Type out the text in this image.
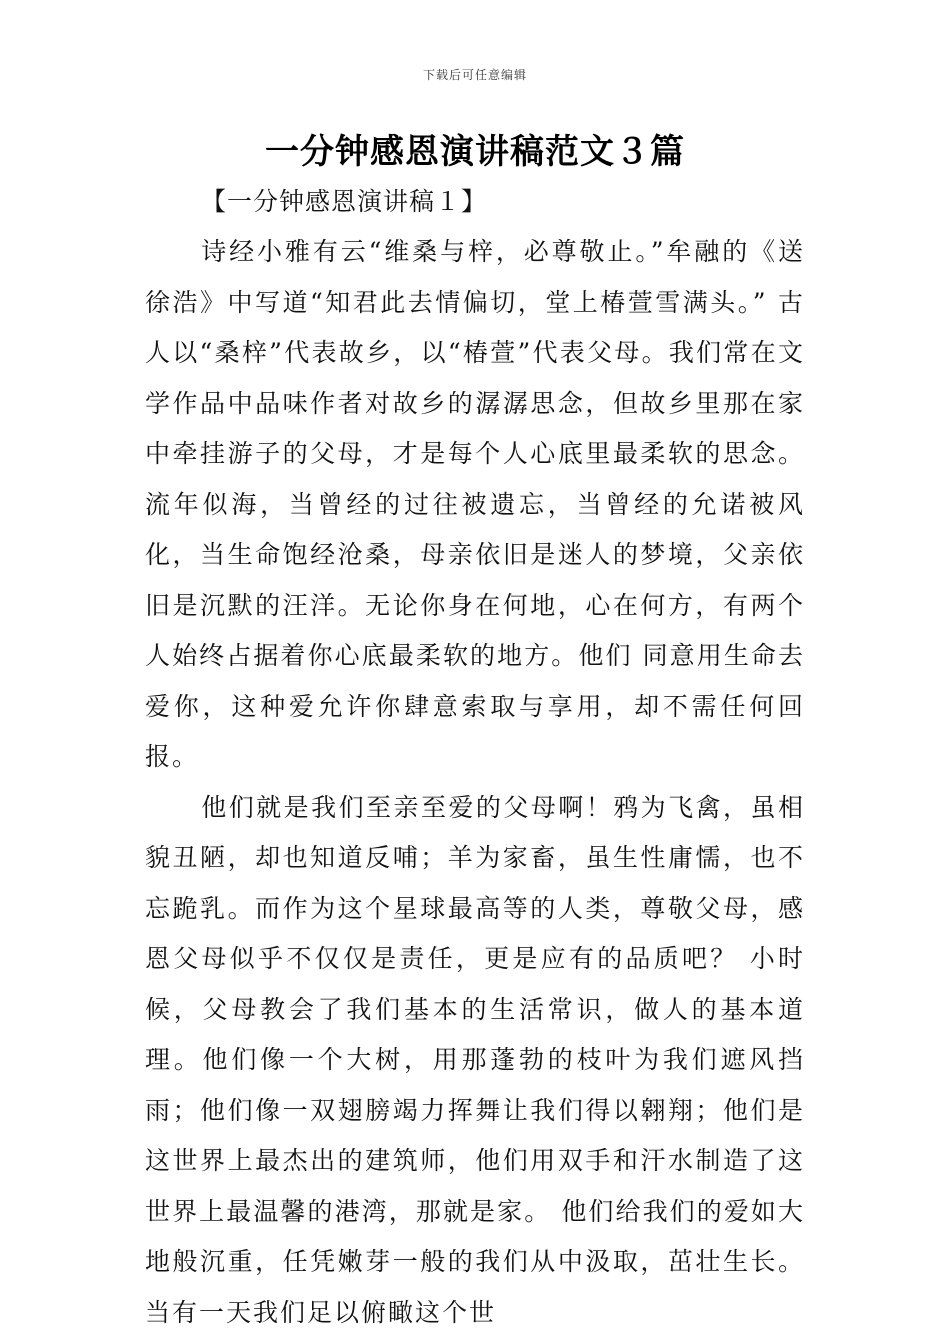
下载后可任意编辑
一分钟感恩演讲稿范文３篇

【一分钟感恩演讲稿１】

诗经小雅有云“维桑与梓，必尊敬止。”牟融的《送徐浩》中写道“知君此去情偏切，堂上椿萱雪满头。” 古人以“桑梓”代表故乡，以“椿萱”代表父母。我们常在文学作品中品味作者对故乡的潺潺思念，但故乡里那在家中牵挂游子的父母，才是每个人心底里最柔软的思念。流年似海，当曾经的过往被遗忘，当曾经的允诺被风化，当生命饱经沧桑，母亲依旧是迷人的梦境，父亲依旧是沉默的汪洋。无论你身在何地，心在何方，有两个人始终占据着你心底最柔软的地方。他们 同意用生命去爱你，这种爱允许你肆意索取与享用，却不需任何回报。

他们就是我们至亲至爱的父母啊！鸦为飞禽，虽相貌丑陋，却也知道反哺；羊为家畜，虽生性庸懦，也不忘跪乳。而作为这个星球最高等的人类，尊敬父母，感恩父母似乎不仅仅是责任，更是应有的品质吧？ 小时候，父母教会了我们基本的生活常识，做人的基本道理。他们像一个大树，用那蓬勃的枝叶为我们遮风挡雨；他们像一双翅膀竭力挥舞让我们得以翱翔；他们是这世界上最杰出的建筑师，他们用双手和汗水制造了这世界上最温馨的港湾，那就是家。 他们给我们的爱如大地般沉重，任凭嫩芽一般的我们从中汲取，茁壮生长。当有一天我们足以俯瞰这个世
